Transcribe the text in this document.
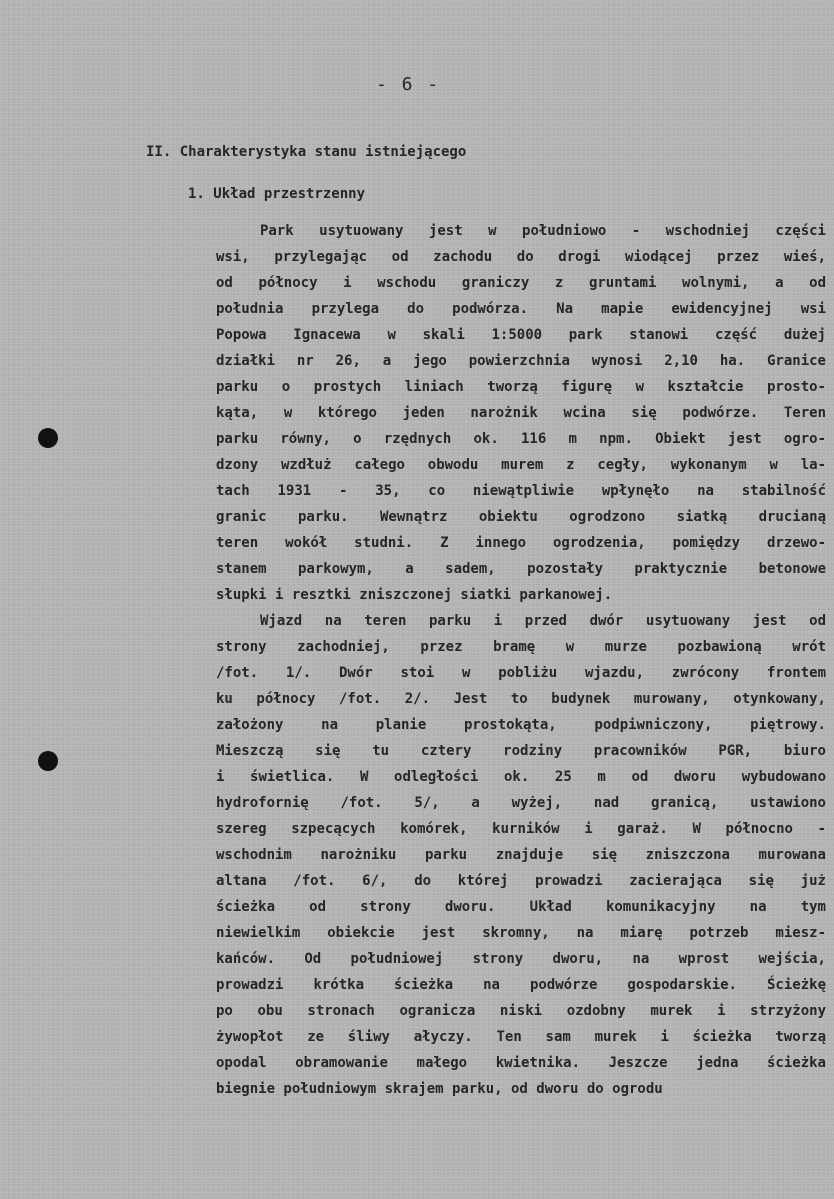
- 6 -
II. Charakterystyka stanu istniejącego
1. Układ przestrzenny
Park usytuowany jest w południowo - wschodniej części
wsi, przylegając od zachodu do drogi wiodącej przez wieś,
od północy i wschodu graniczy z gruntami wolnymi, a od
południa przylega do podwórza. Na mapie ewidencyjnej wsi
Popowa Ignacewa w skali 1:5000 park stanowi część dużej
działki nr 26, a jego powierzchnia wynosi 2,10 ha. Granice
parku o prostych liniach tworzą figurę w kształcie prosto-
kąta, w którego jeden narożnik wcina się podwórze. Teren
parku równy, o rzędnych ok. 116 m npm. Obiekt jest ogro-
dzony wzdłuż całego obwodu murem z cegły, wykonanym w la-
tach 1931 - 35, co niewątpliwie wpłynęło na stabilność
granic parku. Wewnątrz obiektu ogrodzono siatką drucianą
teren wokół studni. Z innego ogrodzenia, pomiędzy drzewo-
stanem parkowym, a sadem, pozostały praktycznie betonowe
słupki i resztki zniszczonej siatki parkanowej.
Wjazd na teren parku i przed dwór usytuowany jest od
strony zachodniej, przez bramę w murze pozbawioną wrót
/fot. 1/. Dwór stoi w pobliżu wjazdu, zwrócony frontem
ku północy /fot. 2/. Jest to budynek murowany, otynkowany,
założony na planie prostokąta, podpiwniczony, piętrowy.
Mieszczą się tu cztery rodziny pracowników PGR, biuro
i świetlica. W odległości ok. 25 m od dworu wybudowano
hydrofornię /fot. 5/, a wyżej, nad granicą, ustawiono
szereg szpecących komórek, kurników i garaż. W północno -
wschodnim narożniku parku znajduje się zniszczona murowana
altana /fot. 6/, do której prowadzi zacierająca się już
ścieżka od strony dworu. Układ komunikacyjny na tym
niewielkim obiekcie jest skromny, na miarę potrzeb miesz-
kańców. Od południowej strony dworu, na wprost wejścia,
prowadzi krótka ścieżka na podwórze gospodarskie. Ścieżkę
po obu stronach ogranicza niski ozdobny murek i strzyżony
żywopłot ze śliwy ałyczy. Ten sam murek i ścieżka tworzą
opodal obramowanie małego kwietnika. Jeszcze jedna ścieżka
biegnie południowym skrajem parku, od dworu do ogrodu
